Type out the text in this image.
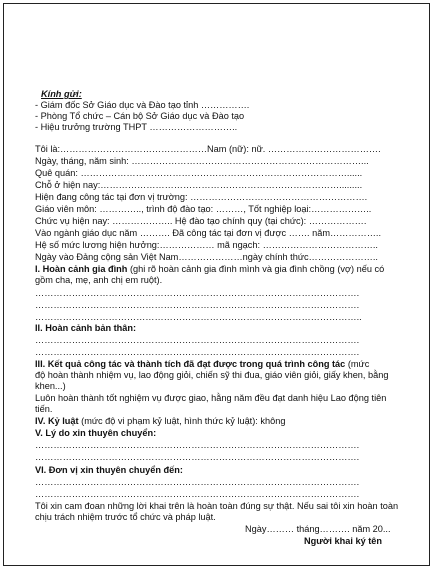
Kính gửi:
- Giám đốc Sở Giáo dục và Đào tạo tỉnh …………….
- Phòng Tổ chức – Cán bộ Sở Giáo dục và Đào tạo
- Hiệu trưởng trường THPT ………………………..
Tôi là:…………………………………………Nam (nữ): nữ. ……………………………….
Ngày, tháng, năm sinh: …………………………………………………………………...
Quê quán: ……………………………………………………………………………......
Chỗ ở hiện nay:…………………………………………………………………….........
Hiện đang công tác tại đơn vị trường: ………………………………………………….
Giáo viên môn: ………….., trình độ đào tạo: ………, Tốt nghiệp loại:………………..
Chức vụ hiện nay: ……………….. Hệ đào tạo chính quy (tại chức): ……………….
Vào ngành giáo dục năm ………. Đã công tác tại đơn vị được ……. năm……………..
Hệ số mức lương hiện hưởng:……………… mã ngạch: ………………………………..
Ngày vào Đảng cộng sản Việt Nam…………………ngày chính thức…………………..
I. Hoàn cảnh gia đình (ghi rõ hoàn cảnh gia đình mình và gia đình chồng (vợ) nếu có
gồm cha, mẹ, anh chị em ruột).
…………………………………………………………………………………………….
…………………………………………………………………………………………….
……………………………………………………………………………………………..
II. Hoàn cảnh bản thân:
…………………………………………………………………………………………….
…………………………………………………………………………………………….
III. Kết quả công tác và thành tích đã đạt được trong quá trình công tác (mức
độ hoàn thành nhiệm vụ, lao động giỏi, chiến sỹ thi đua, giáo viên giỏi, giấy khen, bằng
khen...)
Luôn hoàn thành tốt nghiệm vụ được giao, hằng năm đều đạt danh hiệu Lao động tiên
tiến.
IV. Kỷ luật (mức độ vi phạm kỷ luật, hình thức kỷ luật): không
V. Lý do xin thuyên chuyển:
…………………………………………………………………………………………….
…………………………………………………………………………………………….
VI. Đơn vị xin thuyên chuyển đến:
…………………………………………………………………………………………….
…………………………………………………………………………………………….
Tôi xin cam đoan những lời khai trên là hoàn toàn đúng sự thật. Nếu sai tôi xin hoàn toàn
chịu trách nhiệm trước tổ chức và pháp luật.
Ngày……… tháng………. năm 20...
Người khai ký tên
